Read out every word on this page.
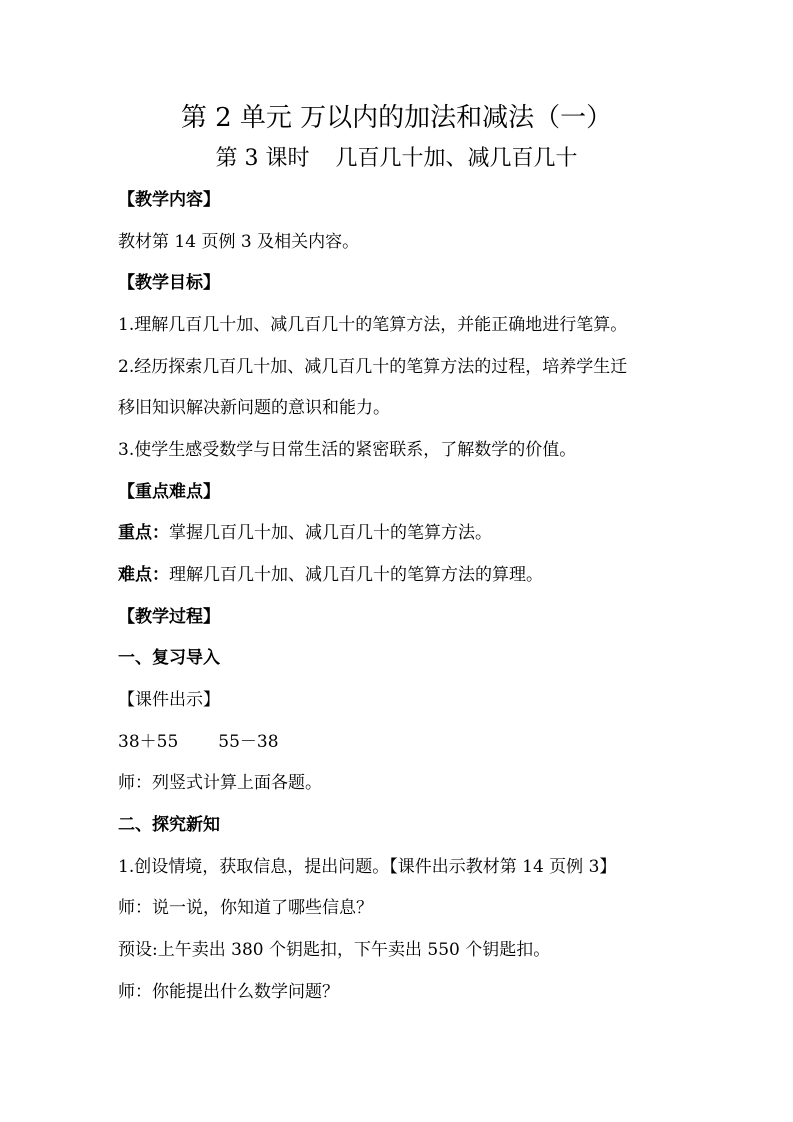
第 2 单元 万以内的加法和减法（一）
第 3 课时 几百几十加、减几百几十
【教学内容】
教材第 14 页例 3 及相关内容。
【教学目标】
1.理解几百几十加、减几百几十的笔算方法，并能正确地进行笔算。
2.经历探索几百几十加、减几百几十的笔算方法的过程，培养学生迁
移旧知识解决新问题的意识和能力。
3.使学生感受数学与日常生活的紧密联系，了解数学的价值。
【重点难点】
重点：掌握几百几十加、减几百几十的笔算方法。
难点：理解几百几十加、减几百几十的笔算方法的算理。
【教学过程】
一、复习导入
【课件出示】
38＋55 55－38
师：列竖式计算上面各题。
二、探究新知
1.创设情境，获取信息，提出问题。【课件出示教材第 14 页例 3】
师：说一说，你知道了哪些信息？
预设:上午卖出 380 个钥匙扣，下午卖出 550 个钥匙扣。
师：你能提出什么数学问题？
